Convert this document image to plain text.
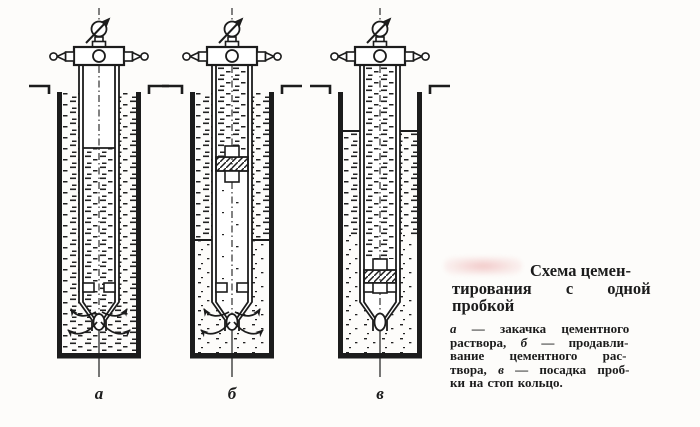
а	б	в
Схема цемен-
тирования с одной
пробкой
а — закачка цементного
раствора, б — продавли-
вание цементного рас-
твора, в — посадка проб-
ки на стоп кольцо.
